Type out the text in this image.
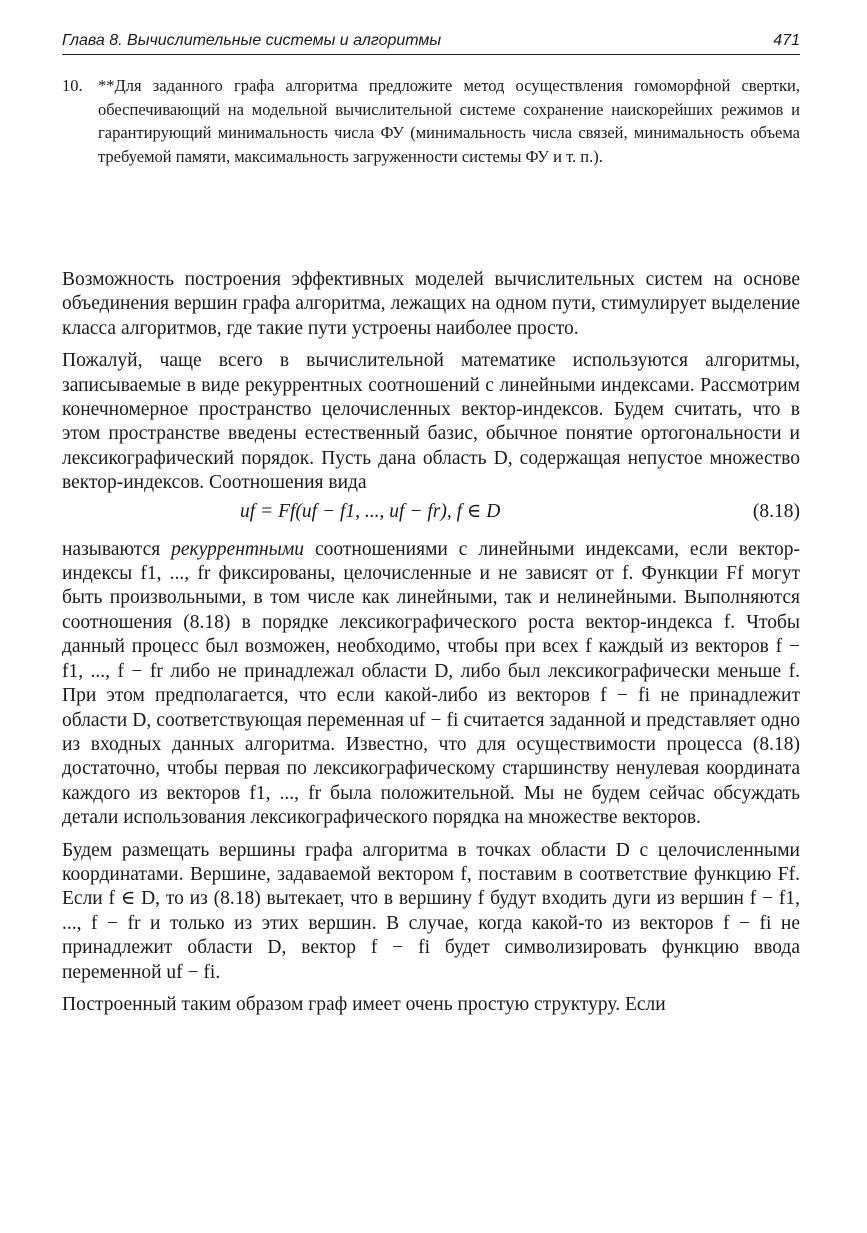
Глава 8. Вычислительные системы и алгоритмы	471
10. **Для заданного графа алгоритма предложите метод осуществления гомоморфной свертки, обеспечивающий на модельной вычислительной системе сохранение наискорейших режимов и гарантирующий минимальность числа ФУ (минимальность числа связей, минимальность объема требуемой памяти, максимальность загруженности системы ФУ и т. п.).

Возможность построения эффективных моделей вычислительных систем на основе объединения вершин графа алгоритма, лежащих на одном пути, стимулирует выделение класса алгоритмов, где такие пути устроены наиболее просто.

Пожалуй, чаще всего в вычислительной математике используются алгоритмы, записываемые в виде рекуррентных соотношений с линейными индексами. Рассмотрим конечномерное пространство целочисленных вектор-индексов. Будем считать, что в этом пространстве введены естественный базис, обычное понятие ортогональности и лексикографический порядок. Пусть дана область D, содержащая непустое множество вектор-индексов. Соотношения вида

uf = Ff(uf − f1, ..., uf − fr), f ∈ D	(8.18)

называются рекуррентными соотношениями с линейными индексами, если вектор-индексы f1, ..., fr фиксированы, целочисленные и не зависят от f. Функции Ff могут быть произвольными, в том числе как линейными, так и нелинейными. Выполняются соотношения (8.18) в порядке лексикографического роста вектор-индекса f. Чтобы данный процесс был возможен, необходимо, чтобы при всех f каждый из векторов f − f1, ..., f − fr либо не принадлежал области D, либо был лексикографически меньше f. При этом предполагается, что если какой-либо из векторов f − fi не принадлежит области D, соответствующая переменная uf − fi считается заданной и представляет одно из входных данных алгоритма. Известно, что для осуществимости процесса (8.18) достаточно, чтобы первая по лексикографическому старшинству ненулевая координата каждого из векторов f1, ..., fr была положительной. Мы не будем сейчас обсуждать детали использования лексикографического порядка на множестве векторов.

Будем размещать вершины графа алгоритма в точках области D с целочисленными координатами. Вершине, задаваемой вектором f, поставим в соответствие функцию Ff. Если f ∈ D, то из (8.18) вытекает, что в вершину f будут входить дуги из вершин f − f1, ..., f − fr и только из этих вершин. В случае, когда какой-то из векторов f − fi не принадлежит области D, вектор f − fi будет символизировать функцию ввода переменной uf − fi.

Построенный таким образом граф имеет очень простую структуру. Если
